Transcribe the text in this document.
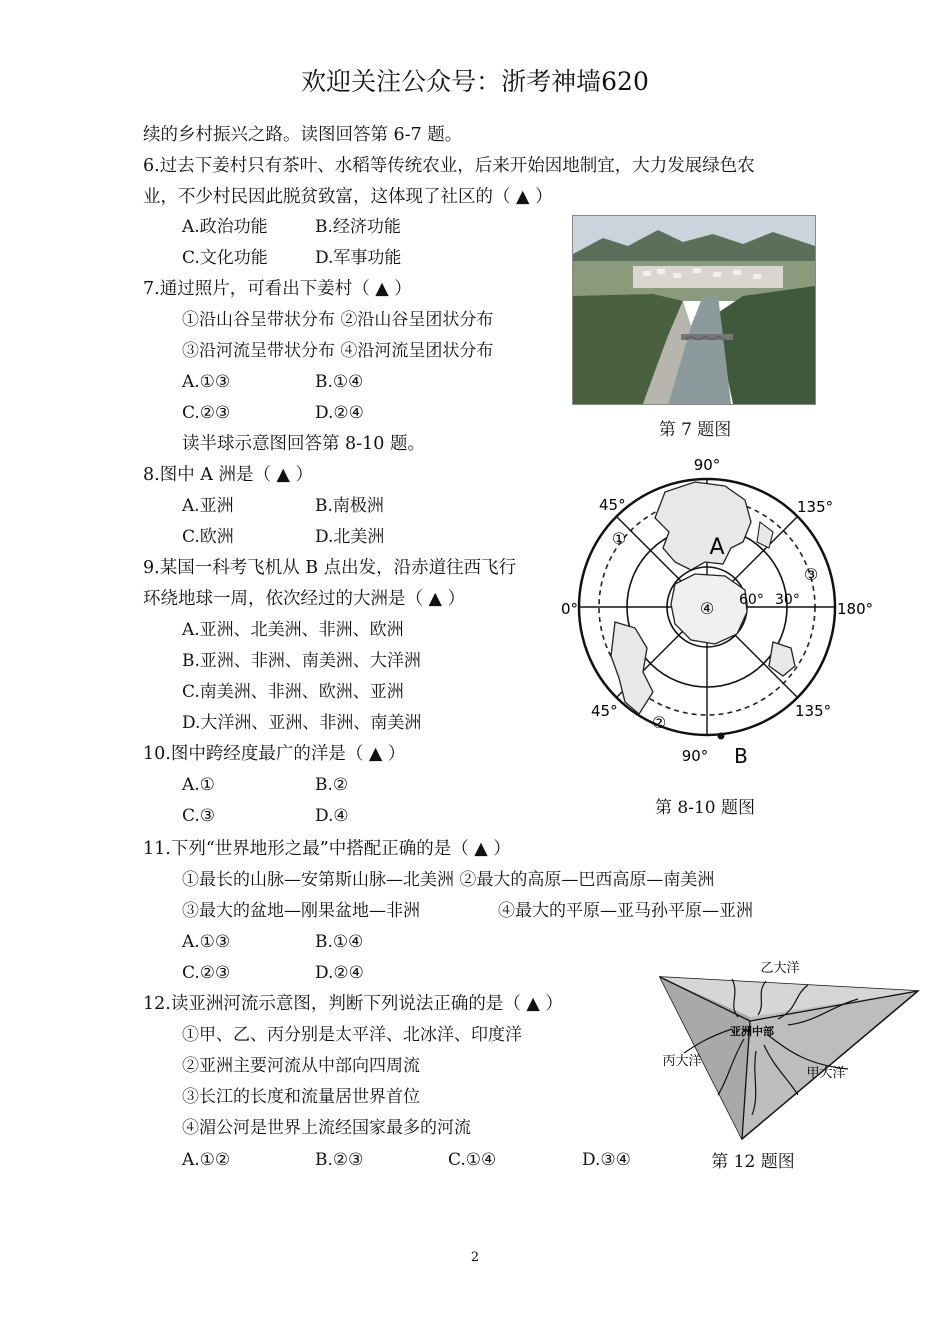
欢迎关注公众号：浙考神墙620
续的乡村振兴之路。读图回答第 6-7 题。
6.过去下姜村只有茶叶、水稻等传统农业，后来开始因地制宜，大力发展绿色农
业，不少村民因此脱贫致富，这体现了社区的（ ▲ ）
A.政治功能	B.经济功能
C.文化功能	D.军事功能
7.通过照片，可看出下姜村（ ▲ ）
①沿山谷呈带状分布 ②沿山谷呈团状分布
③沿河流呈带状分布 ④沿河流呈团状分布
A.①③	B.①④
C.②③	D.②④
第 7 题图
读半球示意图回答第 8-10 题。
8.图中 A 洲是（ ▲ ）
A.亚洲	B.南极洲
C.欧洲	D.北美洲
9.某国一科考飞机从 B 点出发，沿赤道往西飞行
环绕地球一周，依次经过的大洲是（ ▲ ）
A.亚洲、北美洲、非洲、欧洲
B.亚洲、非洲、南美洲、大洋洲
C.南美洲、非洲、欧洲、亚洲
D.大洋洲、亚洲、非洲、南美洲
10.图中跨经度最广的洋是（ ▲ ）
A.①	B.②
C.③	D.④
90°
45°	135°
0°	180°
60° 30°
45°	135°
90°
A
B
①
②
③
④
第 8-10 题图
11.下列“世界地形之最”中搭配正确的是（ ▲ ）
①最长的山脉—安第斯山脉—北美洲 ②最大的高原—巴西高原—南美洲
③最大的盆地—刚果盆地—非洲	④最大的平原—亚马孙平原—亚洲
A.①③	B.①④
C.②③	D.②④
12.读亚洲河流示意图，判断下列说法正确的是（ ▲ ）
①甲、乙、丙分别是太平洋、北冰洋、印度洋
②亚洲主要河流从中部向四周流
③长江的长度和流量居世界首位
④湄公河是世界上流经国家最多的河流
A.①②	B.②③	C.①④	D.③④
乙大洋
丙大洋
甲大洋
亚洲中部
第 12 题图
2
